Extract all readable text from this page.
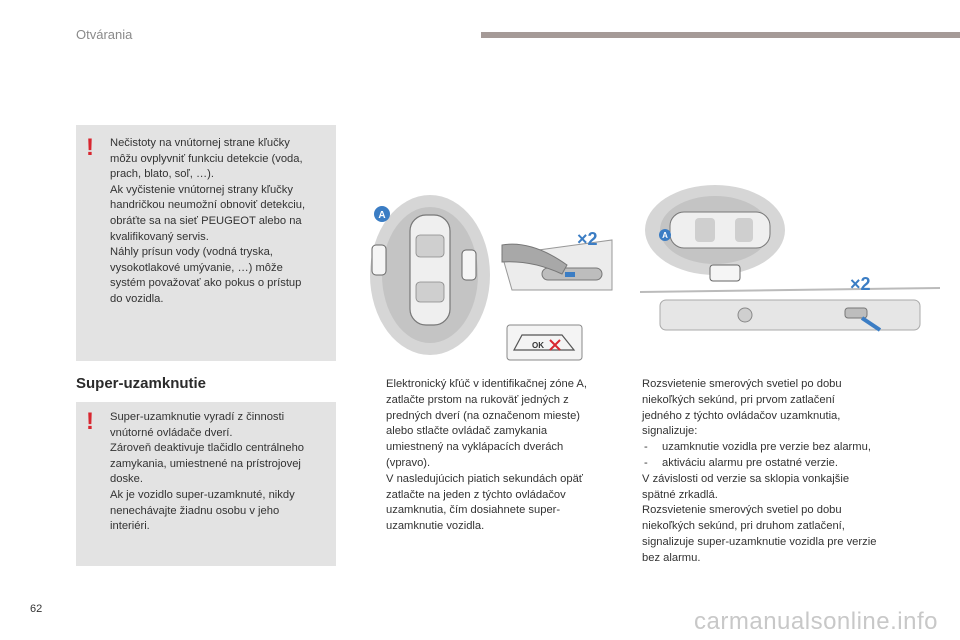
Otvárania
! Nečistoty na vnútornej strane kľučky

môžu ovplyvniť funkciu detekcie (voda,

prach, blato, soľ, …).

Ak vyčistenie vnútornej strany kľučky

handričkou neumožní obnoviť detekciu,

obráťte sa na sieť PEUGEOT alebo na

kvalifikovaný servis.

Náhly prísun vody (vodná tryska,

vysokotlakové umývanie, …) môže

systém považovať ako pokus o prístup

do vozidla.

Super-uzamknutie
! Super-uzamknutie vyradí z činnosti

vnútorné ovládače dverí.

Zároveň deaktivuje tlačidlo centrálneho

zamykania, umiestnené na prístrojovej

doske.

Ak je vozidlo super-uzamknuté, nikdy

nenechávajte žiadnu osobu v jeho

interiéri.

A
×2
OK
A
×2

Elektronický kľúč v identifikačnej zóne A,

zatlačte prstom na rukoväť jedných z

predných dverí (na označenom mieste)

alebo stlačte ovládač zamykania

umiestnený na vyklápacích dverách

(vpravo).

V nasledujúcich piatich sekundách opäť

zatlačte na jeden z týchto ovládačov

uzamknutia, čím dosiahnete super-

uzamknutie vozidla.

Rozsvietenie smerových svetiel po dobu

niekoľkých sekúnd, pri prvom zatlačení

jedného z týchto ovládačov uzamknutia,

signalizuje:

- uzamknutie vozidla pre verzie bez alarmu,

- aktiváciu alarmu pre ostatné verzie.

V závislosti od verzie sa sklopia vonkajšie

spätné zrkadlá.

Rozsvietenie smerových svetiel po dobu

niekoľkých sekúnd, pri druhom zatlačení,

signalizuje super-uzamknutie vozidla pre verzie

bez alarmu.

62	carmanualsonline.info
